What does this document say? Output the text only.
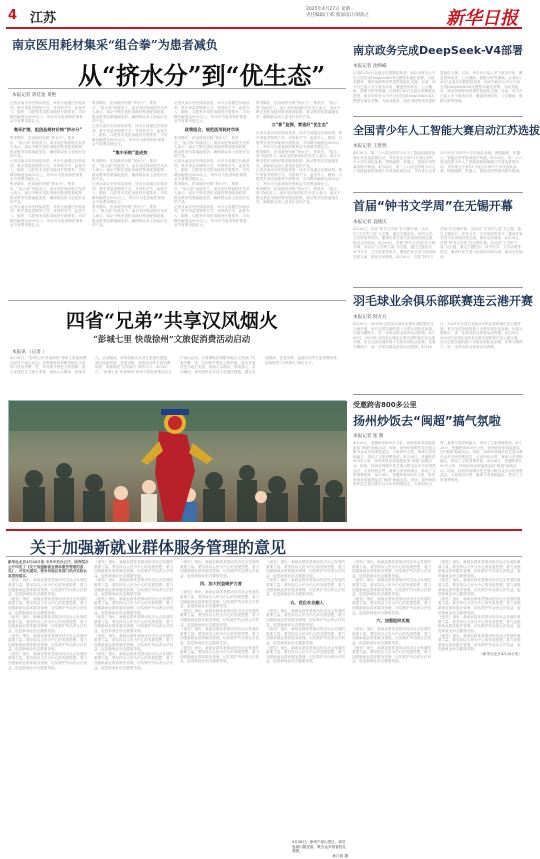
4 江苏
2025年4月27日 星期一
责任编辑/王辉 版面设计/刘润之	新华日报
南京医用耗材集采“组合拳”为患者减负
从“挤水分”到“优生态”
本报记者 蒋廷宽 黄艳
记者从南京市医保局获悉，该市日前通过价格谈判、集中带量采购等方式，对骨科关节、血管介入、眼科、口腔等多类医用耗材开展集采，平均降价幅度达50%以上，每年可为患者和医保基金节省费用数亿元。
集采扩围，组团品规材价格“挤水分”
集采降价，医用耗材价格“挤水分”。集采后，“组合拳”持续发力。南京市医保局相关负责人表示，南京不断完善医用耗材集采配套政策，推动集采结果落地见效，确保群众用上质优价宜的产品。
记者从南京市医保局获悉，该市日前通过价格谈判、集中带量采购等方式，对骨科关节、血管介入、眼科、口腔等多类医用耗材开展集采，平均降价幅度达50%以上，每年可为患者和医保基金节省费用数亿元。
集采降价，医用耗材价格“挤水分”。集采后，“组合拳”持续发力。南京市医保局相关负责人表示，南京不断完善医用耗材集采配套政策，推动集采结果落地见效，确保群众用上质优价宜的产品。
记者从南京市医保局获悉，该市日前通过价格谈判、集中带量采购等方式，对骨科关节、血管介入、眼科、口腔等多类医用耗材开展集采，平均降价幅度达50%以上，每年可为患者和医保基金节省费用数亿元。
集采降价，医用耗材价格“挤水分”。集采后，“组合拳”持续发力。南京市医保局相关负责人表示，南京不断完善医用耗材集采配套政策，推动集采结果落地见效，确保群众用上质优价宜的产品。
记者从南京市医保局获悉，该市日前通过价格谈判、集中带量采购等方式，对骨科关节、血管介入、眼科、口腔等多类医用耗材开展集采，平均降价幅度达50%以上，每年可为患者和医保基金节省费用数亿元。
“集中采购”显成效
集采降价，医用耗材价格“挤水分”。集采后，“组合拳”持续发力。南京市医保局相关负责人表示，南京不断完善医用耗材集采配套政策，推动集采结果落地见效，确保群众用上质优价宜的产品。
记者从南京市医保局获悉，该市日前通过价格谈判、集中带量采购等方式，对骨科关节、血管介入、眼科、口腔等多类医用耗材开展集采，平均降价幅度达50%以上，每年可为患者和医保基金节省费用数亿元。
集采降价，医用耗材价格“挤水分”。集采后，“组合拳”持续发力。南京市医保局相关负责人表示，南京不断完善医用耗材集采配套政策，推动集采结果落地见效，确保群众用上质优价宜的产品。
记者从南京市医保局获悉，该市日前通过价格谈判、集中带量采购等方式，对骨科关节、血管介入、眼科、口腔等多类医用耗材开展集采，平均降价幅度达50%以上，每年可为患者和医保基金节省费用数亿元。
政策组合，规范医用耗材市场
集采降价，医用耗材价格“挤水分”。集采后，“组合拳”持续发力。南京市医保局相关负责人表示，南京不断完善医用耗材集采配套政策，推动集采结果落地见效，确保群众用上质优价宜的产品。
记者从南京市医保局获悉，该市日前通过价格谈判、集中带量采购等方式，对骨科关节、血管介入、眼科、口腔等多类医用耗材开展集采，平均降价幅度达50%以上，每年可为患者和医保基金节省费用数亿元。
集采降价，医用耗材价格“挤水分”。集采后，“组合拳”持续发力。南京市医保局相关负责人表示，南京不断完善医用耗材集采配套政策，推动集采结果落地见效，确保群众用上质优价宜的产品。
记者从南京市医保局获悉，该市日前通过价格谈判、集中带量采购等方式，对骨科关节、血管介入、眼科、口腔等多类医用耗材开展集采，平均降价幅度达50%以上，每年可为患者和医保基金节省费用数亿元。
集采降价，医用耗材价格“挤水分”。集采后，“组合拳”持续发力。南京市医保局相关负责人表示，南京不断完善医用耗材集采配套政策，推动集采结果落地见效，确保群众用上质优价宜的产品。
立“新”监测，营造好“优生态”
记者从南京市医保局获悉，该市日前通过价格谈判、集中带量采购等方式，对骨科关节、血管介入、眼科、口腔等多类医用耗材开展集采，平均降价幅度达50%以上，每年可为患者和医保基金节省费用数亿元。
集采降价，医用耗材价格“挤水分”。集采后，“组合拳”持续发力。南京市医保局相关负责人表示，南京不断完善医用耗材集采配套政策，推动集采结果落地见效，确保群众用上质优价宜的产品。
记者从南京市医保局获悉，该市日前通过价格谈判、集中带量采购等方式，对骨科关节、血管介入、眼科、口腔等多类医用耗材开展集采，平均降价幅度达50%以上，每年可为患者和医保基金节省费用数亿元。
集采降价，医用耗材价格“挤水分”。集采后，“组合拳”持续发力。南京市医保局相关负责人表示，南京不断完善医用耗材集采配套政策，推动集采结果落地见效，确保群众用上质优价宜的产品。
南京政务完成DeepSeek-V4部署
本报记者 沈峥嵘
记者4月26日从南京市数据局获悉，南京市政务云平台日前完成DeepSeek-V4大模型本地化部署，为政务服务、城市治理等场景提供智能化支撑。目前，该平台已接入多个政务应用，覆盖咨询问答、公文辅助、数据分析等领域。记者4月26日从南京市数据局获悉，南京市政务云平台日前完成DeepSeek-V4大模型本地化部署，为政务服务、城市治理等场景提供智能化支撑。目前，该平台已接入多个政务应用，覆盖咨询问答、公文辅助、数据分析等领域。记者4月26日从南京市数据局获悉，南京市政务云平台日前完成DeepSeek-V4大模型本地化部署，为政务服务、城市治理等场景提供智能化支撑。目前，该平台已接入多个政务应用，覆盖咨询问答、公文辅助、数据分析等领域。
全国青少年人工智能大赛启动江苏选拔
本报记者 王梦然
4月26日，第二十六届全国青少年人工智能创新挑战赛江苏省选拔赛启动，共有来自全省13个设区市的中小学代表队参赛，围绕编程、机器人、智能应用等赛项展开角逐。4月26日，第二十六届全国青少年人工智能创新挑战赛江苏省选拔赛启动，共有来自全省13个设区市的中小学代表队参赛，围绕编程、机器人、智能应用等赛项展开角逐。4月26日，第二十六届全国青少年人工智能创新挑战赛江苏省选拔赛启动，共有来自全省13个设区市的中小学代表队参赛，围绕编程、机器人、智能应用等赛项展开角逐。
首届“钟书文学周”在无锡开幕
本报记者 袁晓庆
4月26日，首届“钟书文学周”在无锡开幕。活动以“文学的力量”为主题，通过主题论坛、读书分享、文学讲座等形式，邀请作家学者与读者面对面交流，推动全民阅读。4月26日，首届“钟书文学周”在无锡开幕。活动以“文学的力量”为主题，通过主题论坛、读书分享、文学讲座等形式，邀请作家学者与读者面对面交流，推动全民阅读。4月26日，首届“钟书文学周”在无锡开幕。活动以“文学的力量”为主题，通过主题论坛、读书分享、文学讲座等形式，邀请作家学者与读者面对面交流，推动全民阅读。4月26日，首届“钟书文学周”在无锡开幕。活动以“文学的力量”为主题，通过主题论坛、读书分享、文学讲座等形式，邀请作家学者与读者面对面交流，推动全民阅读。
羽毛球业余俱乐部联赛连云港开赛
本报记者 倪方方
4月26日，2025年全国羽毛球业余俱乐部联赛在连云港开赛，来自全国各地的数十支俱乐部队伍参赛，比赛为期两天，进一步带动群众体育运动热情。4月26日，2025年全国羽毛球业余俱乐部联赛在连云港开赛，来自全国各地的数十支俱乐部队伍参赛，比赛为期两天，进一步带动群众体育运动热情。4月26日，2025年全国羽毛球业余俱乐部联赛在连云港开赛，来自全国各地的数十支俱乐部队伍参赛，比赛为期两天，进一步带动群众体育运动热情。4月26日，2025年全国羽毛球业余俱乐部联赛在连云港开赛，来自全国各地的数十支俱乐部队伍参赛，比赛为期两天，进一步带动群众体育运动热情。
受邀跨省800多公里
扬州炒饭去“闽超”搞气氛啦
本报记者 张 甜
4月26日，受邀跨省800多公里，扬州炒饭来到福建参加“闽超”助威活动。现场，扬州炒饭制作技艺展示吸引众多市民围观品尝，大家纷纷点赞，赛事与美食相融合，带动了文旅消费热度。4月26日，受邀跨省800多公里，扬州炒饭来到福建参加“闽超”助威活动。现场，扬州炒饭制作技艺展示吸引众多市民围观品尝，大家纷纷点赞，赛事与美食相融合，带动了文旅消费热度。4月26日，受邀跨省800多公里，扬州炒饭来到福建参加“闽超”助威活动。现场，扬州炒饭制作技艺展示吸引众多市民围观品尝，大家纷纷点赞，赛事与美食相融合，带动了文旅消费热度。4月26日，受邀跨省800多公里，扬州炒饭来到福建参加“闽超”助威活动。现场，扬州炒饭制作技艺展示吸引众多市民围观品尝，大家纷纷点赞，赛事与美食相融合，带动了文旅消费热度。4月26日，受邀跨省800多公里，扬州炒饭来到福建参加“闽超”助威活动。现场，扬州炒饭制作技艺展示吸引众多市民围观品尝，大家纷纷点赞，赛事与美食相融合，带动了文旅消费热度。
四省“兄弟”共享汉风烟火
“彭城七里 快哉徐州”文旅促消费活动启动
本报讯 （记者 ）
4月26日，“彭城七里 快哉徐州”徐州文旅促消费活动在户部山启动。苏鲁豫皖四省毗邻地区文旅部门代表齐聚一堂，共同推介特色文旅资源，展示非遗技艺与地方美食，现场人头攒动、热闹非凡。活动期间，徐州将推出多项文旅惠民措施，通过戏曲展演、非遗市集、夜游活动等丰富消费场景，持续擦亮“汉风烟火”城市名片。4月26日，“彭城七里 快哉徐州”徐州文旅促消费活动在户部山启动。苏鲁豫皖四省毗邻地区文旅部门代表齐聚一堂，共同推介特色文旅资源，展示非遗技艺与地方美食，现场人头攒动、热闹非凡。活动期间，徐州将推出多项文旅惠民措施，通过戏曲展演、非遗市集、夜游活动等丰富消费场景，持续擦亮“汉风烟火”城市名片。
4月26日，徐州户部山景区，演员表演川剧变脸，吸引众多游客驻足观看。
孙江伟 摄
关于加强新就业群体服务管理的意见
新华社北京4月26日电 中共中央办公厅、国务院办公厅印发了《关于加强新就业群体服务管理的意见》，并发出通知，要求各地区各部门结合实际认真贯彻落实。
《意见》指出，新就业群体是推动经济社会发展的重要力量。要坚持以人民为中心的发展思想，着力加强新就业群体服务管理，切实维护劳动者合法权益，促进新就业形态健康发展。
《意见》指出，新就业群体是推动经济社会发展的重要力量。要坚持以人民为中心的发展思想，着力加强新就业群体服务管理，切实维护劳动者合法权益，促进新就业形态健康发展。
《意见》指出，新就业群体是推动经济社会发展的重要力量。要坚持以人民为中心的发展思想，着力加强新就业群体服务管理，切实维护劳动者合法权益，促进新就业形态健康发展。
《意见》指出，新就业群体是推动经济社会发展的重要力量。要坚持以人民为中心的发展思想，着力加强新就业群体服务管理，切实维护劳动者合法权益，促进新就业形态健康发展。
《意见》指出，新就业群体是推动经济社会发展的重要力量。要坚持以人民为中心的发展思想，着力加强新就业群体服务管理，切实维护劳动者合法权益，促进新就业形态健康发展。
《意见》指出，新就业群体是推动经济社会发展的重要力量。要坚持以人民为中心的发展思想，着力加强新就业群体服务管理，切实维护劳动者合法权益，促进新就业形态健康发展。
《意见》指出，新就业群体是推动经济社会发展的重要力量。要坚持以人民为中心的发展思想，着力加强新就业群体服务管理，切实维护劳动者合法权益，促进新就业形态健康发展。
《意见》指出，新就业群体是推动经济社会发展的重要力量。要坚持以人民为中心的发展思想，着力加强新就业群体服务管理，切实维护劳动者合法权益，促进新就业形态健康发展。
《意见》指出，新就业群体是推动经济社会发展的重要力量。要坚持以人民为中心的发展思想，着力加强新就业群体服务管理，切实维护劳动者合法权益，促进新就业形态健康发展。
《意见》指出，新就业群体是推动经济社会发展的重要力量。要坚持以人民为中心的发展思想，着力加强新就业群体服务管理，切实维护劳动者合法权益，促进新就业形态健康发展。
《意见》指出，新就业群体是推动经济社会发展的重要力量。要坚持以人民为中心的发展思想，着力加强新就业群体服务管理，切实维护劳动者合法权益，促进新就业形态健康发展。
《意见》指出，新就业群体是推动经济社会发展的重要力量。要坚持以人民为中心的发展思想，着力加强新就业群体服务管理，切实维护劳动者合法权益，促进新就业形态健康发展。
四、加大权益维护力度
《意见》指出，新就业群体是推动经济社会发展的重要力量。要坚持以人民为中心的发展思想，着力加强新就业群体服务管理，切实维护劳动者合法权益，促进新就业形态健康发展。
《意见》指出，新就业群体是推动经济社会发展的重要力量。要坚持以人民为中心的发展思想，着力加强新就业群体服务管理，切实维护劳动者合法权益，促进新就业形态健康发展。
《意见》指出，新就业群体是推动经济社会发展的重要力量。要坚持以人民为中心的发展思想，着力加强新就业群体服务管理，切实维护劳动者合法权益，促进新就业形态健康发展。
《意见》指出，新就业群体是推动经济社会发展的重要力量。要坚持以人民为中心的发展思想，着力加强新就业群体服务管理，切实维护劳动者合法权益，促进新就业形态健康发展。
《意见》指出，新就业群体是推动经济社会发展的重要力量。要坚持以人民为中心的发展思想，着力加强新就业群体服务管理，切实维护劳动者合法权益，促进新就业形态健康发展。
《意见》指出，新就业群体是推动经济社会发展的重要力量。要坚持以人民为中心的发展思想，着力加强新就业群体服务管理，切实维护劳动者合法权益，促进新就业形态健康发展。
五、优化社会融入
《意见》指出，新就业群体是推动经济社会发展的重要力量。要坚持以人民为中心的发展思想，着力加强新就业群体服务管理，切实维护劳动者合法权益，促进新就业形态健康发展。
《意见》指出，新就业群体是推动经济社会发展的重要力量。要坚持以人民为中心的发展思想，着力加强新就业群体服务管理，切实维护劳动者合法权益，促进新就业形态健康发展。
《意见》指出，新就业群体是推动经济社会发展的重要力量。要坚持以人民为中心的发展思想，着力加强新就业群体服务管理，切实维护劳动者合法权益，促进新就业形态健康发展。
《意见》指出，新就业群体是推动经济社会发展的重要力量。要坚持以人民为中心的发展思想，着力加强新就业群体服务管理，切实维护劳动者合法权益，促进新就业形态健康发展。
《意见》指出，新就业群体是推动经济社会发展的重要力量。要坚持以人民为中心的发展思想，着力加强新就业群体服务管理，切实维护劳动者合法权益，促进新就业形态健康发展。
《意见》指出，新就业群体是推动经济社会发展的重要力量。要坚持以人民为中心的发展思想，着力加强新就业群体服务管理，切实维护劳动者合法权益，促进新就业形态健康发展。
六、加强组织实施
《意见》指出，新就业群体是推动经济社会发展的重要力量。要坚持以人民为中心的发展思想，着力加强新就业群体服务管理，切实维护劳动者合法权益，促进新就业形态健康发展。
《意见》指出，新就业群体是推动经济社会发展的重要力量。要坚持以人民为中心的发展思想，着力加强新就业群体服务管理，切实维护劳动者合法权益，促进新就业形态健康发展。
《意见》指出，新就业群体是推动经济社会发展的重要力量。要坚持以人民为中心的发展思想，着力加强新就业群体服务管理，切实维护劳动者合法权益，促进新就业形态健康发展。
《意见》指出，新就业群体是推动经济社会发展的重要力量。要坚持以人民为中心的发展思想，着力加强新就业群体服务管理，切实维护劳动者合法权益，促进新就业形态健康发展。
《意见》指出，新就业群体是推动经济社会发展的重要力量。要坚持以人民为中心的发展思想，着力加强新就业群体服务管理，切实维护劳动者合法权益，促进新就业形态健康发展。
《意见》指出，新就业群体是推动经济社会发展的重要力量。要坚持以人民为中心的发展思想，着力加强新就业群体服务管理，切实维护劳动者合法权益，促进新就业形态健康发展。
《意见》指出，新就业群体是推动经济社会发展的重要力量。要坚持以人民为中心的发展思想，着力加强新就业群体服务管理，切实维护劳动者合法权益，促进新就业形态健康发展。
（新华社北京4月26日电）
